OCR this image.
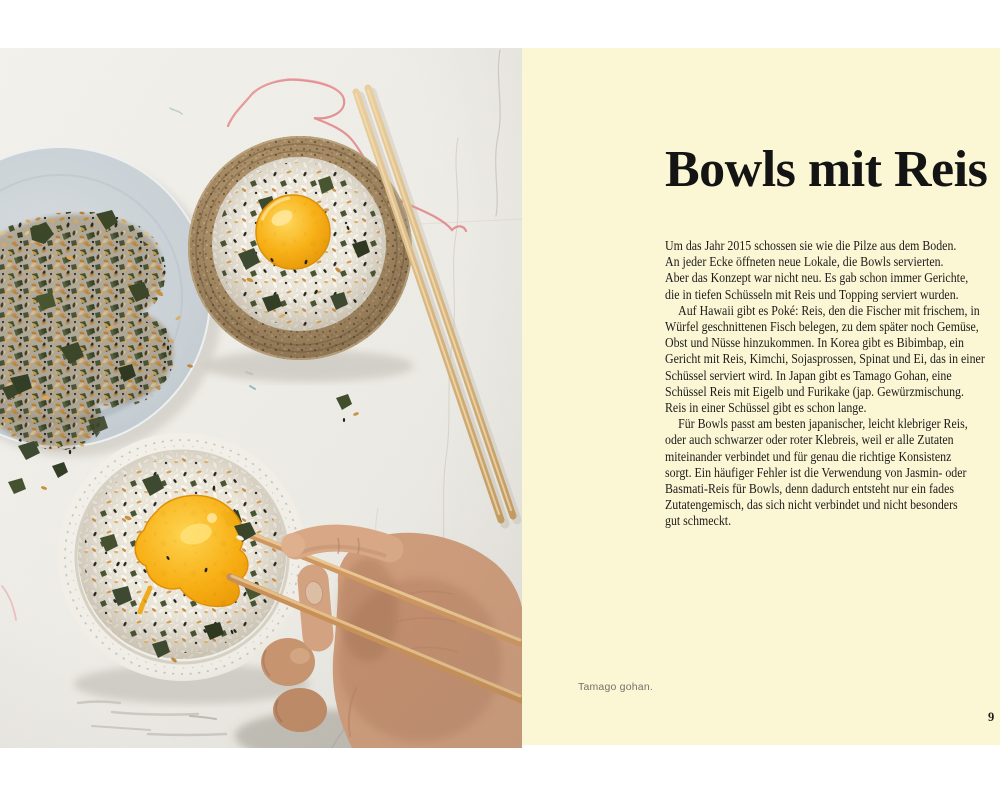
Bowls mit Reis
Um das Jahr 2015 schossen sie wie die Pilze aus dem Boden.
An jeder Ecke öffneten neue Lokale, die Bowls servierten.
Aber das Konzept war nicht neu. Es gab schon immer Gerichte,
die in tiefen Schüsseln mit Reis und Topping serviert wurden.
Auf Hawaii gibt es Poké: Reis, den die Fischer mit frischem, in
Würfel geschnittenen Fisch belegen, zu dem später noch Gemüse,
Obst und Nüsse hinzukommen. In Korea gibt es Bibimbap, ein
Gericht mit Reis, Kimchi, Sojasprossen, Spinat und Ei, das in einer
Schüssel serviert wird. In Japan gibt es Tamago Gohan, eine
Schüssel Reis mit Eigelb und Furikake (jap. Gewürzmischung.
Reis in einer Schüssel gibt es schon lange.
Für Bowls passt am besten japanischer, leicht klebriger Reis,
oder auch schwarzer oder roter Klebreis, weil er alle Zutaten
miteinander verbindet und für genau die richtige Konsistenz
sorgt. Ein häufiger Fehler ist die Verwendung von Jasmin- oder
Basmati-Reis für Bowls, denn dadurch entsteht nur ein fades
Zutatengemisch, das sich nicht verbindet und nicht besonders
gut schmeckt.
Tamago gohan.
9
